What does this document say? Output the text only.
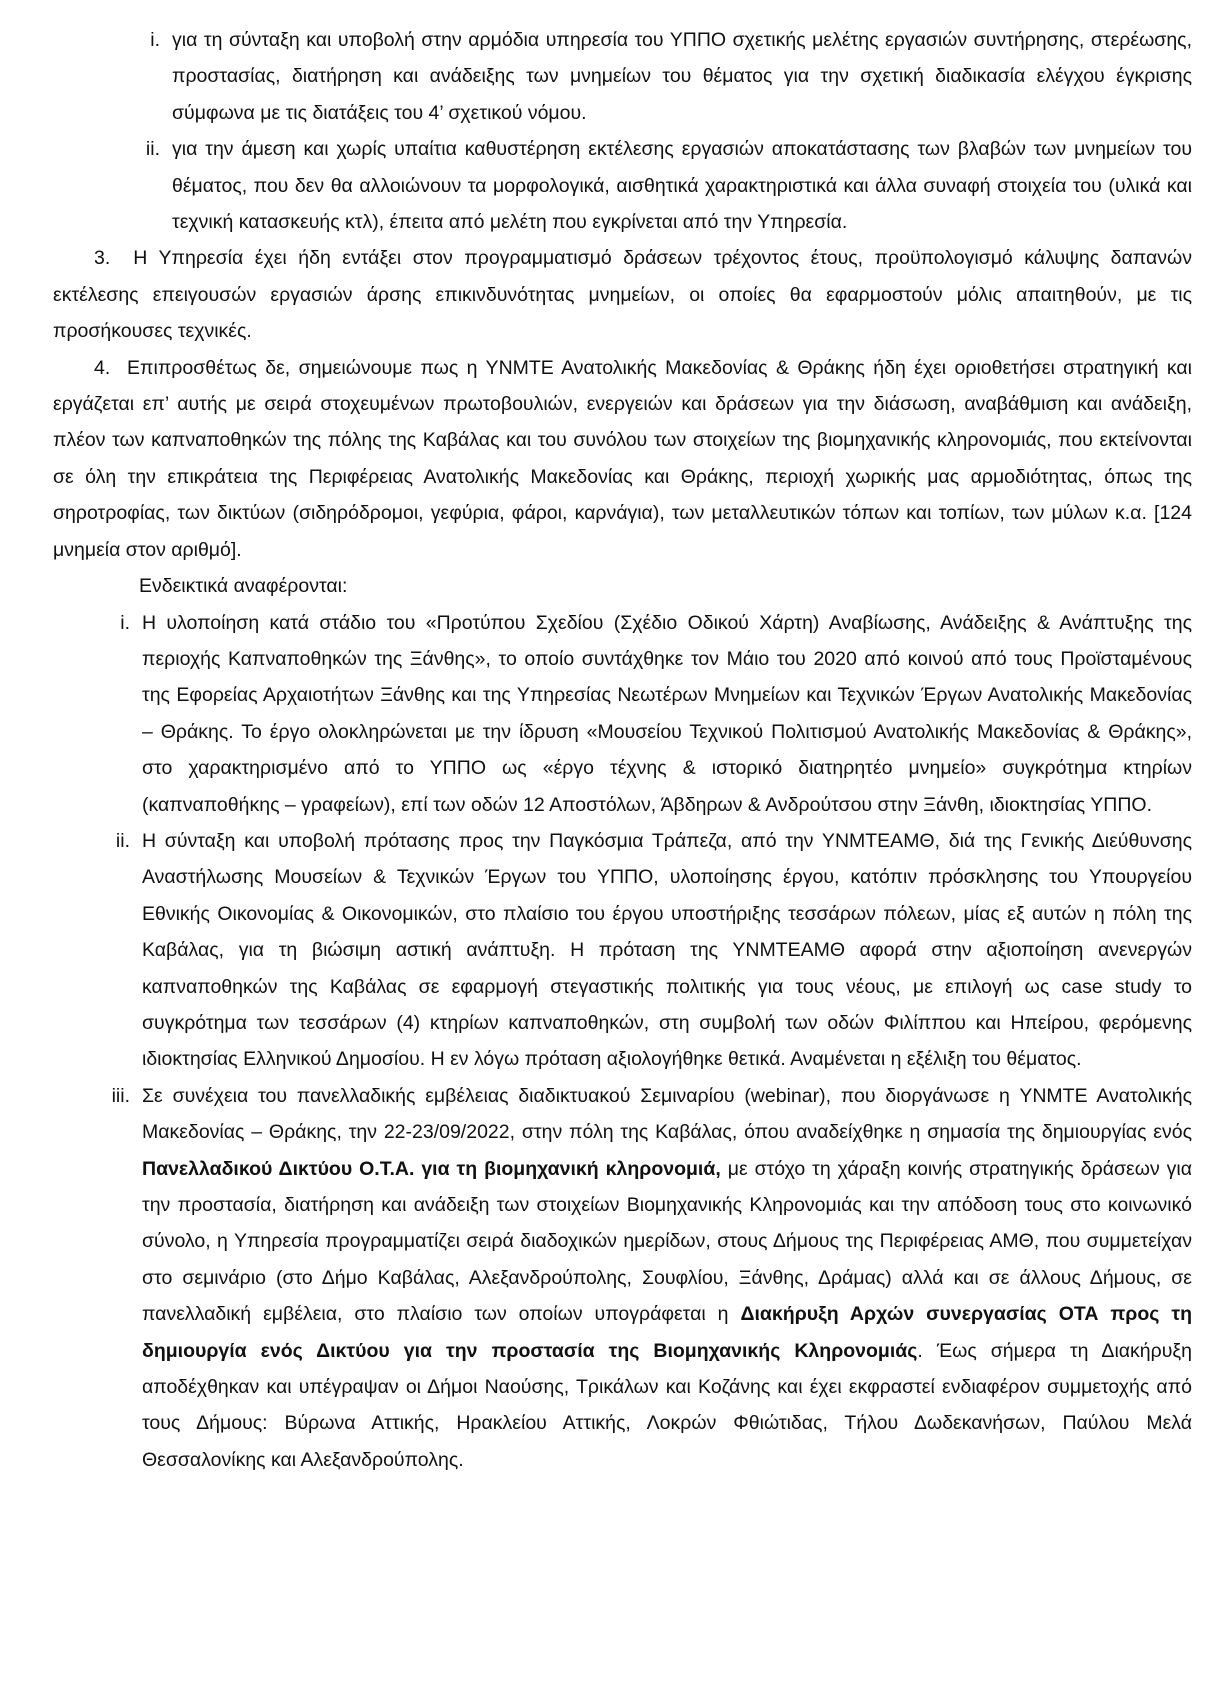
i. για τη σύνταξη και υποβολή στην αρμόδια υπηρεσία του ΥΠΠΟ σχετικής μελέτης εργασιών συντήρησης, στερέωσης, προστασίας, διατήρηση και ανάδειξης των μνημείων του θέματος για την σχετική διαδικασία ελέγχου έγκρισης σύμφωνα με τις διατάξεις του 4’ σχετικού νόμου.
ii. για την άμεση και χωρίς υπαίτια καθυστέρηση εκτέλεσης εργασιών αποκατάστασης των βλαβών των μνημείων του θέματος, που δεν θα αλλοιώνουν τα μορφολογικά, αισθητικά χαρακτηριστικά και άλλα συναφή στοιχεία του (υλικά και τεχνική κατασκευής κτλ), έπειτα από μελέτη που εγκρίνεται από την Υπηρεσία.

3. Η Υπηρεσία έχει ήδη εντάξει στον προγραμματισμό δράσεων τρέχοντος έτους, προϋπολογισμό κάλυψης δαπανών εκτέλεσης επειγουσών εργασιών άρσης επικινδυνότητας μνημείων, οι οποίες θα εφαρμοστούν μόλις απαιτηθούν, με τις προσήκουσες τεχνικές.

4. Επιπροσθέτως δε, σημειώνουμε πως η ΥΝΜΤΕ Ανατολικής Μακεδονίας & Θράκης ήδη έχει οριοθετήσει στρατηγική και εργάζεται επ’ αυτής με σειρά στοχευμένων πρωτοβουλιών, ενεργειών και δράσεων για την διάσωση, αναβάθμιση και ανάδειξη, πλέον των καπναποθηκών της πόλης της Καβάλας και του συνόλου των στοιχείων της βιομηχανικής κληρονομιάς, που εκτείνονται σε όλη την επικράτεια της Περιφέρειας Ανατολικής Μακεδονίας και Θράκης, περιοχή χωρικής μας αρμοδιότητας, όπως της σηροτροφίας, των δικτύων (σιδηρόδρομοι, γεφύρια, φάροι, καρνάγια), των μεταλλευτικών τόπων και τοπίων, των μύλων κ.α. [124 μνημεία στον αριθμό].

Ενδεικτικά αναφέρονται:

i. Η υλοποίηση κατά στάδιο του «Προτύπου Σχεδίου (Σχέδιο Οδικού Χάρτη) Αναβίωσης, Ανάδειξης & Ανάπτυξης της περιοχής Καπναποθηκών της Ξάνθης», το οποίο συντάχθηκε τον Μάιο του 2020 από κοινού από τους Προϊσταμένους της Εφορείας Αρχαιοτήτων Ξάνθης και της Υπηρεσίας Νεωτέρων Μνημείων και Τεχνικών Έργων Ανατολικής Μακεδονίας – Θράκης. Το έργο ολοκληρώνεται με την ίδρυση «Μουσείου Τεχνικού Πολιτισμού Ανατολικής Μακεδονίας & Θράκης», στο χαρακτηρισμένο από το ΥΠΠΟ ως «έργο τέχνης & ιστορικό διατηρητέο μνημείο» συγκρότημα κτηρίων (καπναποθήκης – γραφείων), επί των οδών 12 Αποστόλων, Άβδηρων & Ανδρούτσου στην Ξάνθη, ιδιοκτησίας ΥΠΠΟ.
ii. Η σύνταξη και υποβολή πρότασης προς την Παγκόσμια Τράπεζα, από την ΥΝΜΤΕΑΜΘ, διά της Γενικής Διεύθυνσης Αναστήλωσης Μουσείων & Τεχνικών Έργων του ΥΠΠΟ, υλοποίησης έργου, κατόπιν πρόσκλησης του Υπουργείου Εθνικής Οικονομίας & Οικονομικών, στο πλαίσιο του έργου υποστήριξης τεσσάρων πόλεων, μίας εξ αυτών η πόλη της Καβάλας, για τη βιώσιμη αστική ανάπτυξη. Η πρόταση της ΥΝΜΤΕΑΜΘ αφορά στην αξιοποίηση ανενεργών καπναποθηκών της Καβάλας σε εφαρμογή στεγαστικής πολιτικής για τους νέους, με επιλογή ως case study το συγκρότημα των τεσσάρων (4) κτηρίων καπναποθηκών, στη συμβολή των οδών Φιλίππου και Ηπείρου, φερόμενης ιδιοκτησίας Ελληνικού Δημοσίου. Η εν λόγω πρόταση αξιολογήθηκε θετικά. Αναμένεται η εξέλιξη του θέματος.
iii. Σε συνέχεια του πανελλαδικής εμβέλειας διαδικτυακού Σεμιναρίου (webinar), που διοργάνωσε η ΥΝΜΤΕ Ανατολικής Μακεδονίας – Θράκης, την 22-23/09/2022, στην πόλη της Καβάλας, όπου αναδείχθηκε η σημασία της δημιουργίας ενός Πανελλαδικού Δικτύου Ο.Τ.Α. για τη βιομηχανική κληρονομιά, με στόχο τη χάραξη κοινής στρατηγικής δράσεων για την προστασία, διατήρηση και ανάδειξη των στοιχείων Βιομηχανικής Κληρονομιάς και την απόδοση τους στο κοινωνικό σύνολο, η Υπηρεσία προγραμματίζει σειρά διαδοχικών ημερίδων, στους Δήμους της Περιφέρειας ΑΜΘ, που συμμετείχαν στο σεμινάριο (στο Δήμο Καβάλας, Αλεξανδρούπολης, Σουφλίου, Ξάνθης, Δράμας) αλλά και σε άλλους Δήμους, σε πανελλαδική εμβέλεια, στο πλαίσιο των οποίων υπογράφεται η Διακήρυξη Αρχών συνεργασίας ΟΤΑ προς τη δημιουργία ενός Δικτύου για την προστασία της Βιομηχανικής Κληρονομιάς. Έως σήμερα τη Διακήρυξη αποδέχθηκαν και υπέγραψαν οι Δήμοι Ναούσης, Τρικάλων και Κοζάνης και έχει εκφραστεί ενδιαφέρον συμμετοχής από τους Δήμους: Βύρωνα Αττικής, Ηρακλείου Αττικής, Λοκρών Φθιώτιδας, Τήλου Δωδεκανήσων, Παύλου Μελά Θεσσαλονίκης και Αλεξανδρούπολης.
